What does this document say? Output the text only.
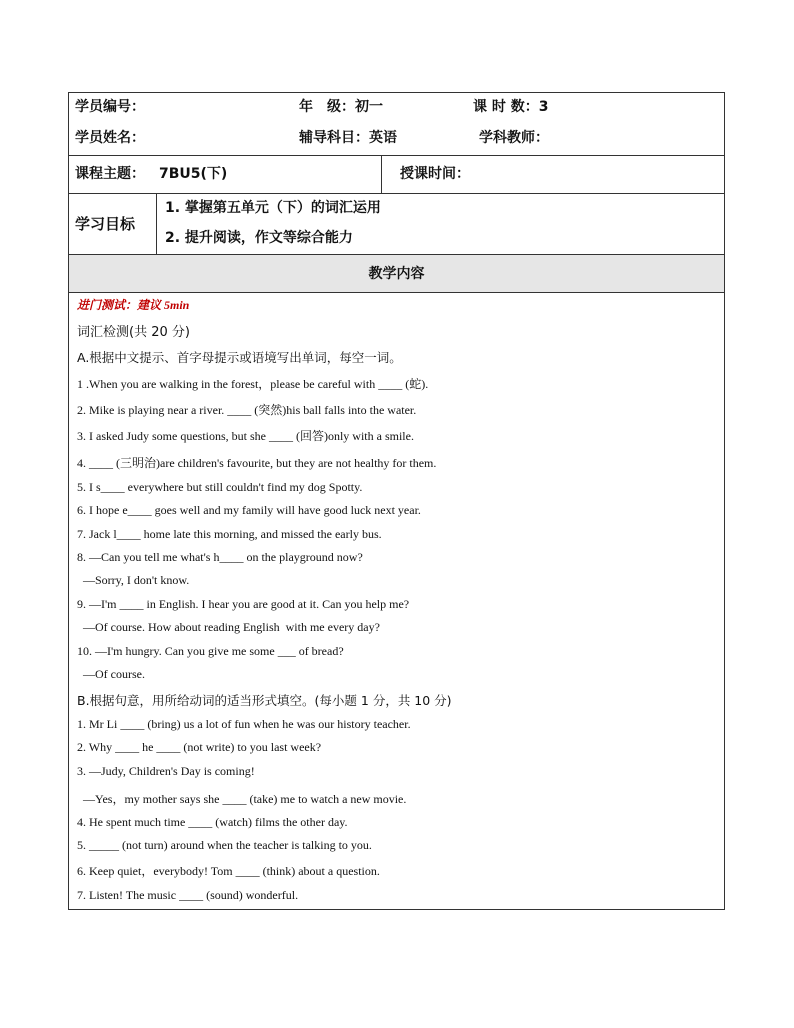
学员编号：	年　级：初一	课 时 数：3
学员姓名：	辅导科目：英语	学科教师：
课程主题： 7BU5(下)	授课时间：
学习目标
1. 掌握第五单元（下）的词汇运用
2. 提升阅读，作文等综合能力
教学内容
进门测试：建议 5min
词汇检测(共 20 分)
A.根据中文提示、首字母提示或语境写出单词，每空一词。
1 .When you are walking in the forest，please be careful with ____ (蛇).
2. Mike is playing near a river. ____ (突然)his ball falls into the water.
3. I asked Judy some questions, but she ____ (回答)only with a smile.
4. ____ (三明治)are children's favourite, but they are not healthy for them.
5. I s____ everywhere but still couldn't find my dog Spotty.
6. I hope e____ goes well and my family will have good luck next year.
7. Jack l____ home late this morning, and missed the early bus.
8. —Can you tell me what's h____ on the playground now?
—Sorry, I don't know.
9. —I'm ____ in English. I hear you are good at it. Can you help me?
—Of course. How about reading English  with me every day?
10. —I'm hungry. Can you give me some ___ of bread?
—Of course.
B.根据句意，用所给动词的适当形式填空。(每小题 1 分，共 10 分)
1. Mr Li ____ (bring) us a lot of fun when he was our history teacher.
2. Why ____ he ____ (not write) to you last week?
3. —Judy, Children's Day is coming!
—Yes，my mother says she ____ (take) me to watch a new movie.
4. He spent much time ____ (watch) films the other day.
5. _____ (not turn) around when the teacher is talking to you.
6. Keep quiet，everybody! Tom ____ (think) about a question.
7. Listen! The music ____ (sound) wonderful.
